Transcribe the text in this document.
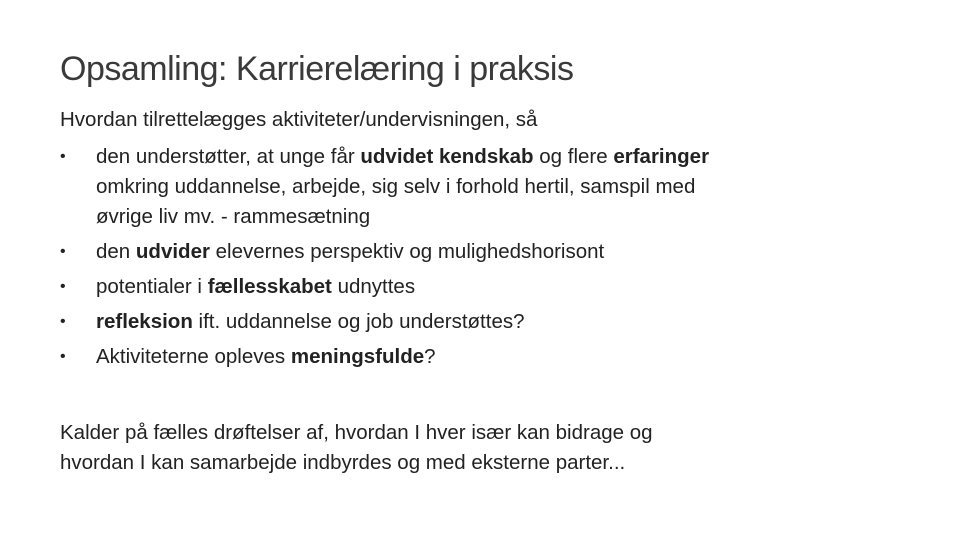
Opsamling: Karrierelæring i praksis
Hvordan tilrettelægges aktiviteter/undervisningen, så
•	den understøtter, at unge får udvidet kendskab og flere erfaringer
omkring uddannelse, arbejde, sig selv i forhold hertil, samspil med
øvrige liv mv. - rammesætning
•	den udvider elevernes perspektiv og mulighedshorisont
•	potentialer i fællesskabet udnyttes
•	refleksion ift. uddannelse og job understøttes?
•	Aktiviteterne opleves meningsfulde?
Kalder på fælles drøftelser af, hvordan I hver især kan bidrage og
hvordan I kan samarbejde indbyrdes og med eksterne parter...
